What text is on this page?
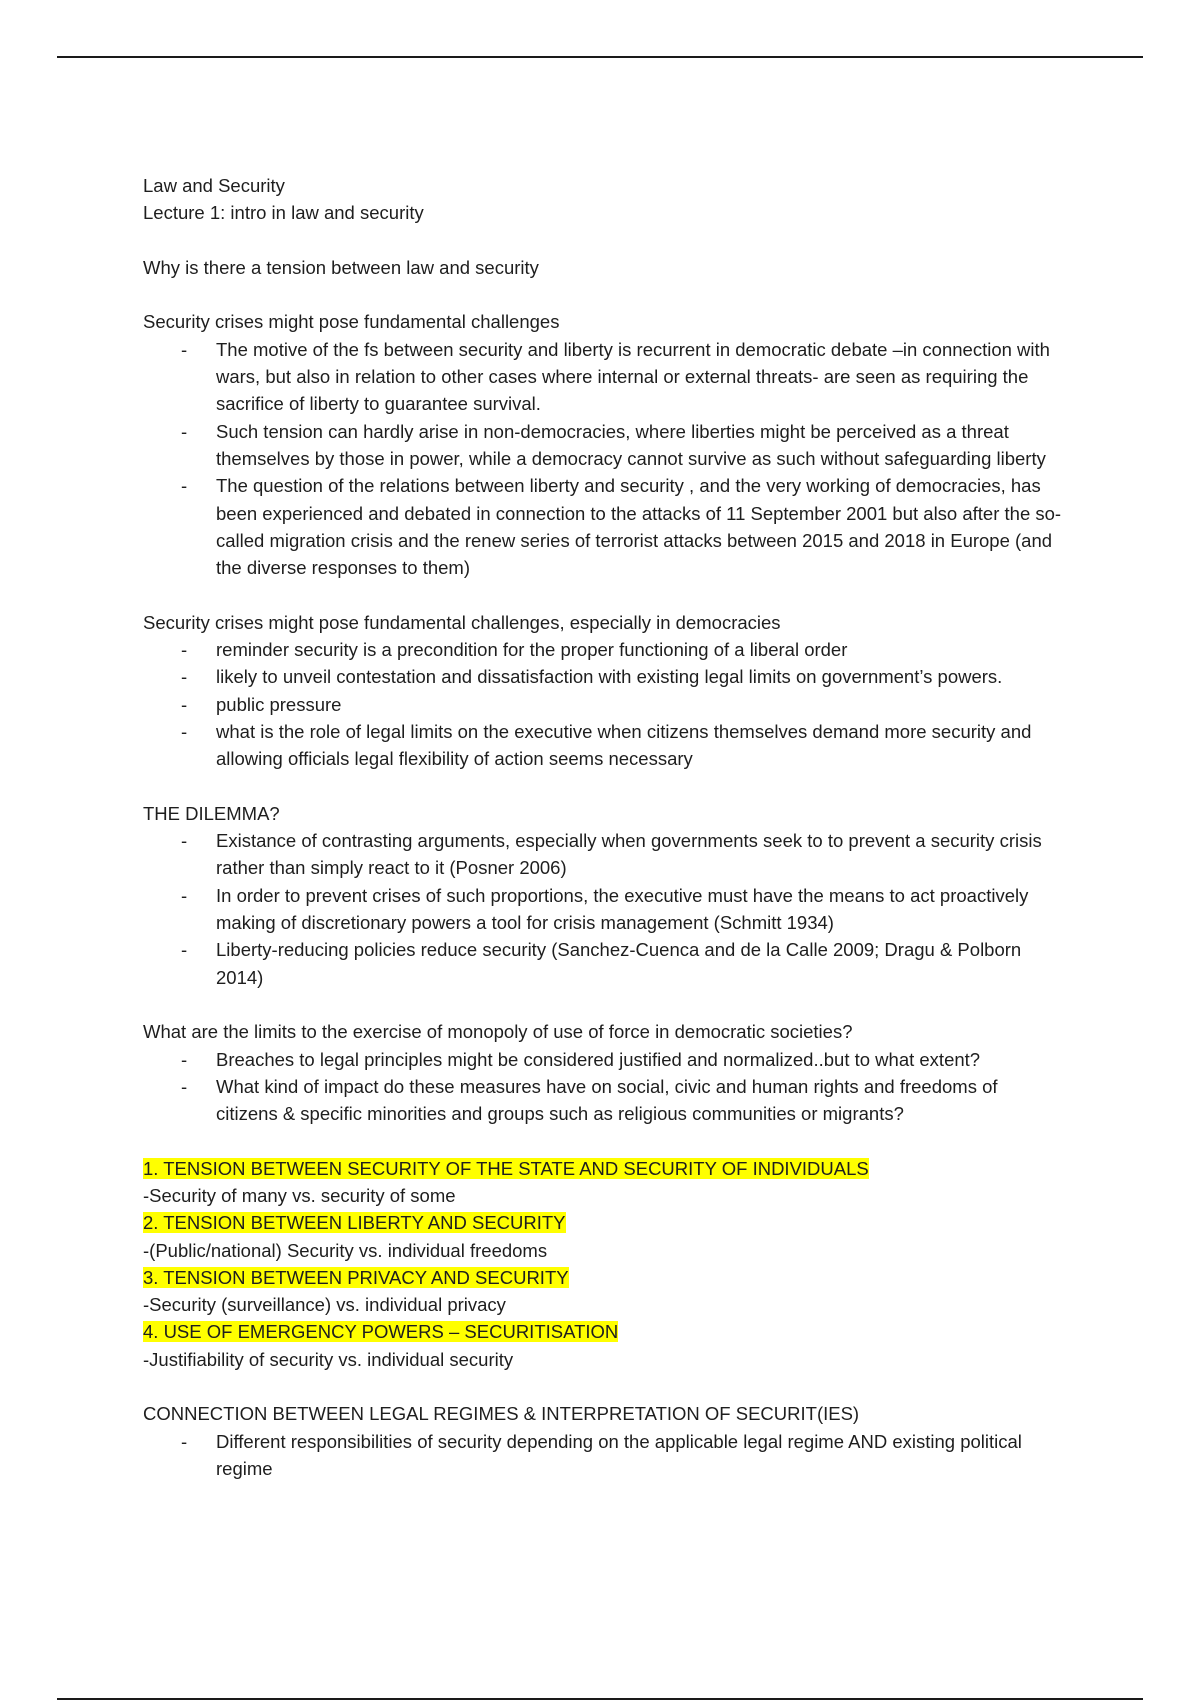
Law and Security
Lecture 1: intro in law and security
Why is there a tension between law and security
Security crises might pose fundamental challenges
- The motive of the fs between security and liberty is recurrent in democratic debate –in connection with wars, but also in relation to other cases where internal or external threats- are seen as requiring the sacrifice of liberty to guarantee survival.
- Such tension can hardly arise in non-democracies, where liberties might be perceived as a threat themselves by those in power, while a democracy cannot survive as such without safeguarding liberty
- The question of the relations between liberty and security , and the very working of democracies, has been experienced and debated in connection to the attacks of 11 September 2001 but also after the so-called migration crisis and the renew series of terrorist attacks between 2015 and 2018 in Europe (and the diverse responses to them)
Security crises might pose fundamental challenges, especially in democracies
- reminder security is a precondition for the proper functioning of a liberal order
- likely to unveil contestation and dissatisfaction with existing legal limits on government’s powers.
- public pressure
- what is the role of legal limits on the executive when citizens themselves demand more security and allowing officials legal flexibility of action seems necessary
THE DILEMMA?
- Existance of contrasting arguments, especially when governments seek to to prevent a security crisis rather than simply react to it (Posner 2006)
- In order to prevent crises of such proportions, the executive must have the means to act proactively making of discretionary powers a tool for crisis management (Schmitt 1934)
- Liberty-reducing policies reduce security (Sanchez-Cuenca and de la Calle 2009; Dragu & Polborn 2014)
What are the limits to the exercise of monopoly of use of force in democratic societies?
- Breaches to legal principles might be considered justified and normalized..but to what extent?
- What kind of impact do these measures have on social, civic and human rights and freedoms of citizens & specific minorities and groups such as religious communities or migrants?
1. TENSION BETWEEN SECURITY OF THE STATE AND SECURITY OF INDIVIDUALS
-Security of many vs. security of some
2. TENSION BETWEEN LIBERTY AND SECURITY
-(Public/national) Security vs. individual freedoms
3. TENSION BETWEEN PRIVACY AND SECURITY
-Security (surveillance) vs. individual privacy
4. USE OF EMERGENCY POWERS – SECURITISATION
-Justifiability of security vs. individual security
CONNECTION BETWEEN LEGAL REGIMES & INTERPRETATION OF SECURIT(IES)
- Different responsibilities of security depending on the applicable legal regime AND existing political regime
